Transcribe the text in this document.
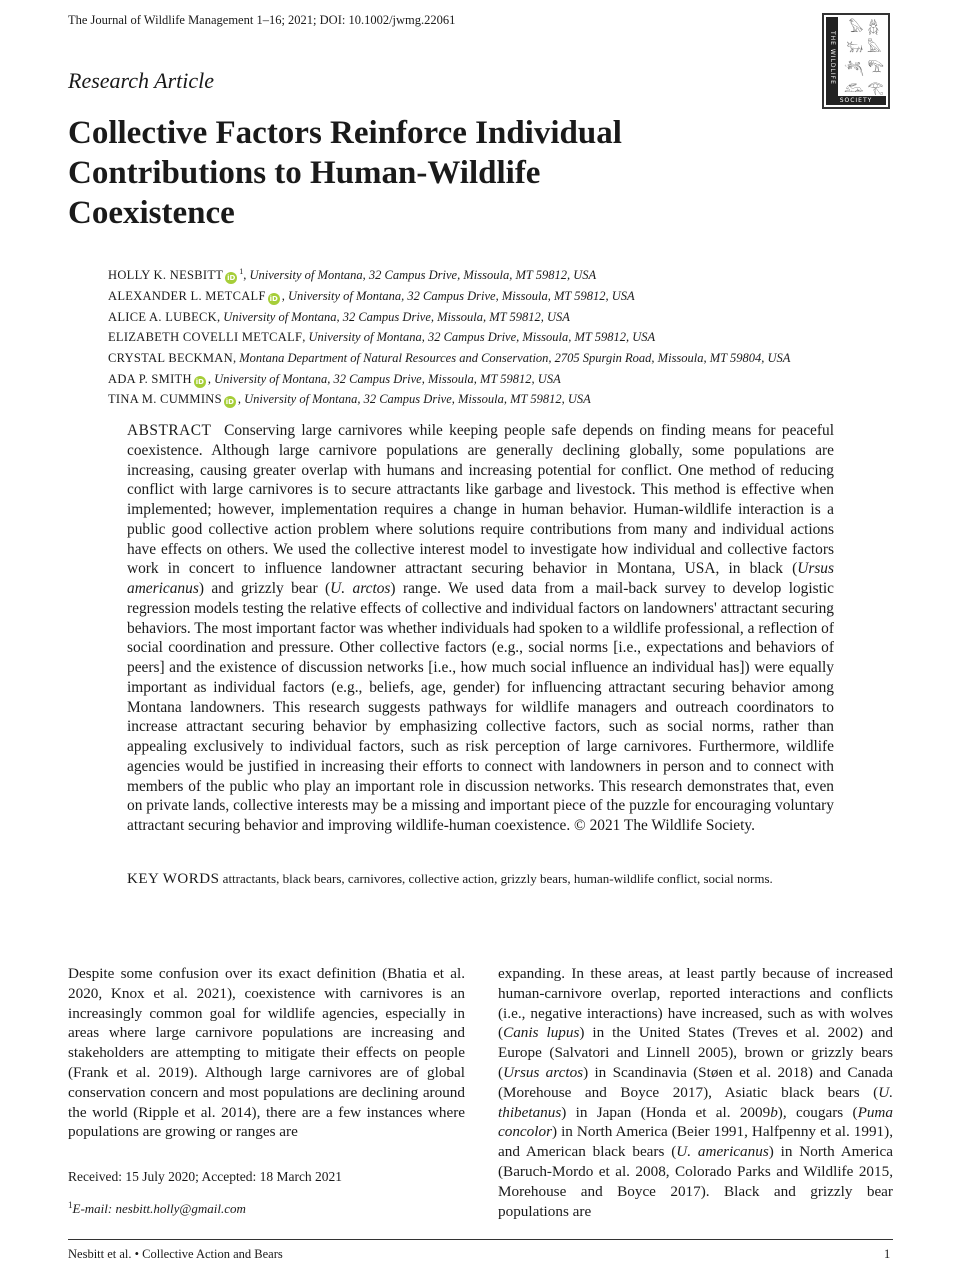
The Journal of Wildlife Management 1–16; 2021; DOI: 10.1002/jwmg.22061
THE WILDLIFE
𓅃 𓆣
𓃒 𓅓
𓆈 𓅟
𓃹 𓂀
SOCIETY
Research Article
Collective Factors Reinforce Individual Contributions to Human-Wildlife Coexistence
HOLLY K. NESBITT $iD^1$, University of Montana, 32 Campus Drive, Missoula, MT 59812, USA
ALEXANDER L. METCALF iD , University of Montana, 32 Campus Drive, Missoula, MT 59812, USA
ALICE A. LUBECK, University of Montana, 32 Campus Drive, Missoula, MT 59812, USA
ELIZABETH COVELLI METCALF, University of Montana, 32 Campus Drive, Missoula, MT 59812, USA
CRYSTAL BECKMAN, Montana Department of Natural Resources and Conservation, 2705 Spurgin Road, Missoula, MT 59804, USA
ADA P. SMITH iD , University of Montana, 32 Campus Drive, Missoula, MT 59812, USA
TINA M. CUMMINS iD , University of Montana, 32 Campus Drive, Missoula, MT 59812, USA
ABSTRACT Conserving large carnivores while keeping people safe depends on finding means for peaceful coexistence. Although large carnivore populations are generally declining globally, some populations are increasing, causing greater overlap with humans and increasing potential for conflict. One method of reducing conflict with large carnivores is to secure attractants like garbage and livestock. This method is effective when implemented; however, implementation requires a change in human behavior. Human-wildlife interaction is a public good collective action problem where solutions require contributions from many and individual actions have effects on others. We used the collective interest model to investigate how individual and collective factors work in concert to influence landowner attractant securing behavior in Montana, USA, in black (Ursus americanus) and grizzly bear (U. arctos) range. We used data from a mail-back survey to develop logistic regression models testing the relative effects of collective and individual factors on landowners' attractant securing behaviors. The most important factor was whether individuals had spoken to a wildlife professional, a reflection of social coordination and pressure. Other collective factors (e.g., social norms [i.e., expectations and behaviors of peers] and the existence of discussion networks [i.e., how much social influence an individual has]) were equally important as individual factors (e.g., beliefs, age, gender) for influencing attractant securing behavior among Montana landowners. This research suggests pathways for wildlife managers and outreach coordinators to increase attractant securing behavior by emphasizing collective factors, such as social norms, rather than appealing exclusively to individual factors, such as risk perception of large carnivores. Furthermore, wildlife agencies would be justified in increasing their efforts to connect with landowners in person and to connect with members of the public who play an important role in discussion networks. This research demonstrates that, even on private lands, collective interests may be a missing and important piece of the puzzle for encouraging voluntary attractant securing behavior and improving wildlife-human coexistence. © 2021 The Wildlife Society.
KEY WORDS attractants, black bears, carnivores, collective action, grizzly bears, human-wildlife conflict, social norms.
Despite some confusion over its exact definition (Bhatia et al. 2020, Knox et al. 2021), coexistence with carnivores is an increasingly common goal for wildlife agencies, especially in areas where large carnivore populations are increasing and stakeholders are attempting to mitigate their effects on people (Frank et al. 2019). Although large carnivores are of global conservation concern and most populations are declining around the world (Ripple et al. 2014), there are a few instances where populations are growing or ranges are
expanding. In these areas, at least partly because of increased human-carnivore overlap, reported interactions and conflicts (i.e., negative interactions) have increased, such as with wolves (Canis lupus) in the United States (Treves et al. 2002) and Europe (Salvatori and Linnell 2005), brown or grizzly bears (Ursus arctos) in Scandinavia (Støen et al. 2018) and Canada (Morehouse and Boyce 2017), Asiatic black bears (U. thibetanus) in Japan (Honda et al. 2009b), cougars (Puma concolor) in North America (Beier 1991, Halfpenny et al. 1991), and American black bears (U. americanus) in North America (Baruch-Mordo et al. 2008, Colorado Parks and Wildlife 2015, Morehouse and Boyce 2017). Black and grizzly bear populations are
Received: 15 July 2020; Accepted: 18 March 2021
$^1$E-mail: nesbitt.holly@gmail.com
Nesbitt et al. • Collective Action and Bears	1
